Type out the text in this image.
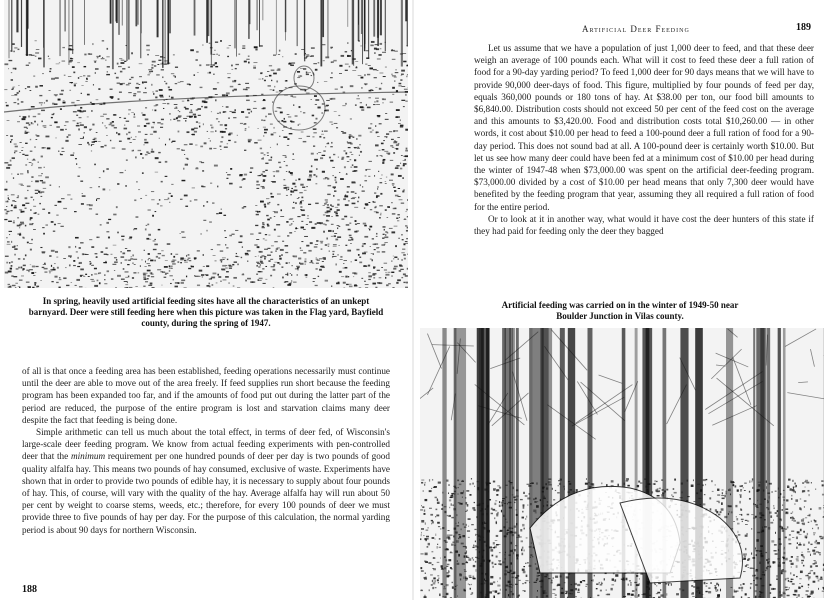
In spring, heavily used artificial feeding sites have all the characteristics of an unkept barnyard. Deer were still feeding here when this picture was taken in the Flag yard, Bayfield county, during the spring of 1947.

of all is that once a feeding area has been established, feeding operations necessarily must continue until the deer are able to move out of the area freely. If feed supplies run short because the feeding program has been expanded too far, and if the amounts of food put out during the latter part of the period are reduced, the purpose of the entire program is lost and starvation claims many deer despite the fact that feeding is being done.

Simple arithmetic can tell us much about the total effect, in terms of deer fed, of Wisconsin's large-scale deer feeding program. We know from actual feeding experiments with pen-controlled deer that the minimum requirement per one hundred pounds of deer per day is two pounds of good quality alfalfa hay. This means two pounds of hay consumed, exclusive of waste. Experiments have shown that in order to provide two pounds of edible hay, it is necessary to supply about four pounds of hay. This, of course, will vary with the quality of the hay. Average alfalfa hay will run about 50 per cent by weight to coarse stems, weeds, etc.; therefore, for every 100 pounds of deer we must provide three to five pounds of hay per day. For the purpose of this calculation, the normal yarding period is about 90 days for northern Wisconsin.

188
Artificial Deer Feeding	189

Let us assume that we have a population of just 1,000 deer to feed, and that these deer weigh an average of 100 pounds each. What will it cost to feed these deer a full ration of food for a 90-day yarding period? To feed 1,000 deer for 90 days means that we will have to provide 90,000 deer-days of food. This figure, multiplied by four pounds of feed per day, equals 360,000 pounds or 180 tons of hay. At $38.00 per ton, our food bill amounts to $6,840.00. Distribution costs should not exceed 50 per cent of the feed cost on the average and this amounts to $3,420.00. Food and distribution costs total $10,260.00 — in other words, it cost about $10.00 per head to feed a 100-pound deer a full ration of food for a 90-day period. This does not sound bad at all. A 100-pound deer is certainly worth $10.00. But let us see how many deer could have been fed at a minimum cost of $10.00 per head during the winter of 1947-48 when $73,000.00 was spent on the artificial deer-feeding program. $73,000.00 divided by a cost of $10.00 per head means that only 7,300 deer would have benefited by the feeding program that year, assuming they all required a full ration of food for the entire period.

Or to look at it in another way, what would it have cost the deer hunters of this state if they had paid for feeding only the deer they bagged

Artificial feeding was carried on in the winter of 1949-50 near Boulder Junction in Vilas county.
